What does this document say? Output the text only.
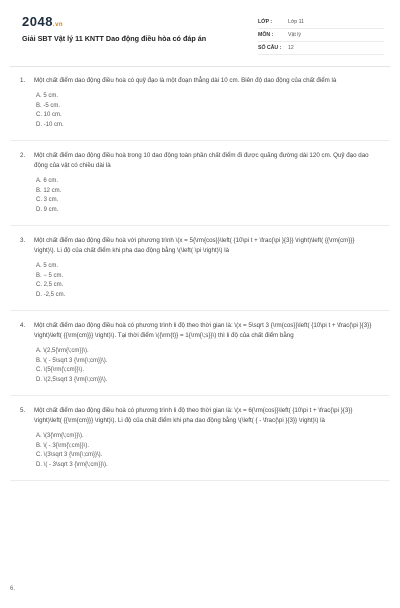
2048.vn
Giải SBT Vật lý 11 KNTT Dao động điều hòa có đáp án
LỚP :	Lớp 11
MÔN :	Vật lý
SỐ CÂU :	12
1.	Một chất điểm dao động điều hoà có quỹ đạo là một đoạn thẳng dài 10 cm. Biên độ dao động của chất điểm là
A. 5 cm.
B. -5 cm.
C. 10 cm.
D. -10 cm.
2.	Một chất điểm dao động điều hoà trong 10 dao động toàn phần chất điểm đi được quãng đường dài 120 cm. Quỹ đạo dao động của vật có chiều dài là
A. 6 cm.
B. 12 cm.
C. 3 cm.
D. 9 cm.
3.	Một chất điểm dao động điều hoà với phương trình \(x = 5{\rm{cos}}\left( {10\pi t + \frac{\pi }{3}} \right)\left( {{\rm{cm}}} \right)\). Li độ của chất điểm khi pha dao động bằng \(\left( \pi \right)\) là
A. 5 cm.
B. − 5 cm.
C. 2,5 cm.
D. -2,5 cm.
4.	Một chất điểm dao động điều hoà có phương trình li độ theo thời gian là: \(x = 5\sqrt 3 {\rm{cos}}\left( {10\pi t + \frac{\pi }{3}} \right)\left( {{\rm{cm}}} \right)\). Tại thời điểm \({\rm{t}} = 1{\rm{\;s}}\) thì li độ của chất điểm bằng
A. \(2,5{\rm{\;cm}}\).
B. \( - 5\sqrt 3 {\rm{\;cm}}\).
C. \(5{\rm{\;cm}}\).
D. \(2,5\sqrt 3 {\rm{\;cm}}\).
5.	Một chất điểm dao động điều hoà có phương trình li độ theo thời gian là: \(x = 6{\rm{cos}}\left( {10\pi t + \frac{\pi }{3}} \right)\left( {{\rm{cm}}} \right)\). Li độ của chất điểm khi pha dao động bằng \(\left( { - \frac{\pi }{3}} \right)\) là
A. \(3{\rm{\;cm}}\).
B. \( - 3{\rm{\;cm}}\).
C. \(3\sqrt 3 {\rm{\;cm}}\).
D. \( - 3\sqrt 3 {\rm{\;cm}}\).
6.
